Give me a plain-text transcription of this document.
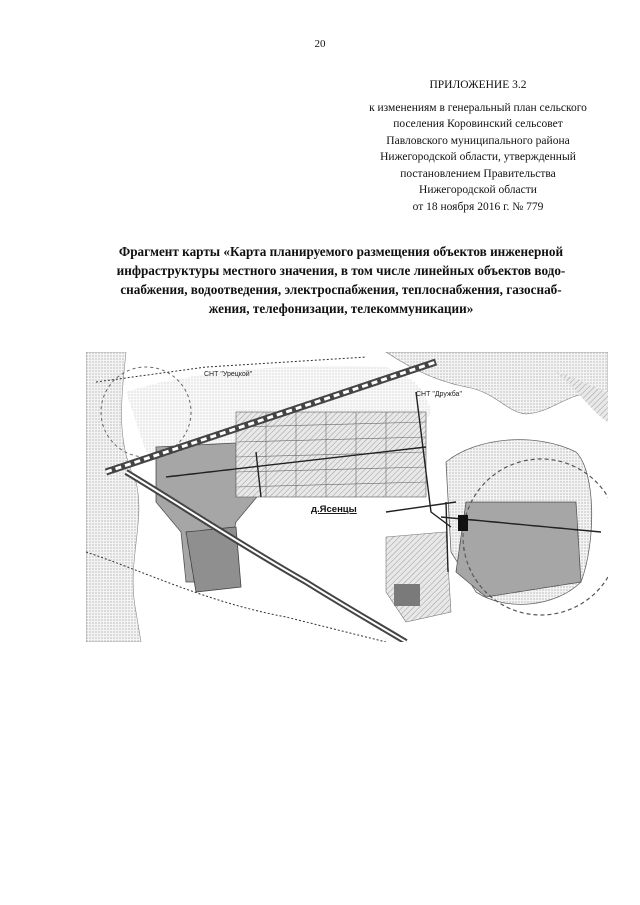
20
ПРИЛОЖЕНИЕ 3.2
к изменениям в генеральный план сельского
поселения Коровинский сельсовет
Павловского муниципального района
Нижегородской области, утвержденный
постановлением Правительства
Нижегородской области
от 18 ноября 2016 г. № 779
Фрагмент карты «Карта планируемого размещения объектов инженерной
инфраструктуры местного значения, в том числе линейных объектов водо-
снабжения, водоотведения, электроспабжения, теплоснабжения, газоснаб-
жения, телефонизации, телекоммуникации»
СНТ "Урецкой"
СНТ "Дружба"
д.Ясенцы
